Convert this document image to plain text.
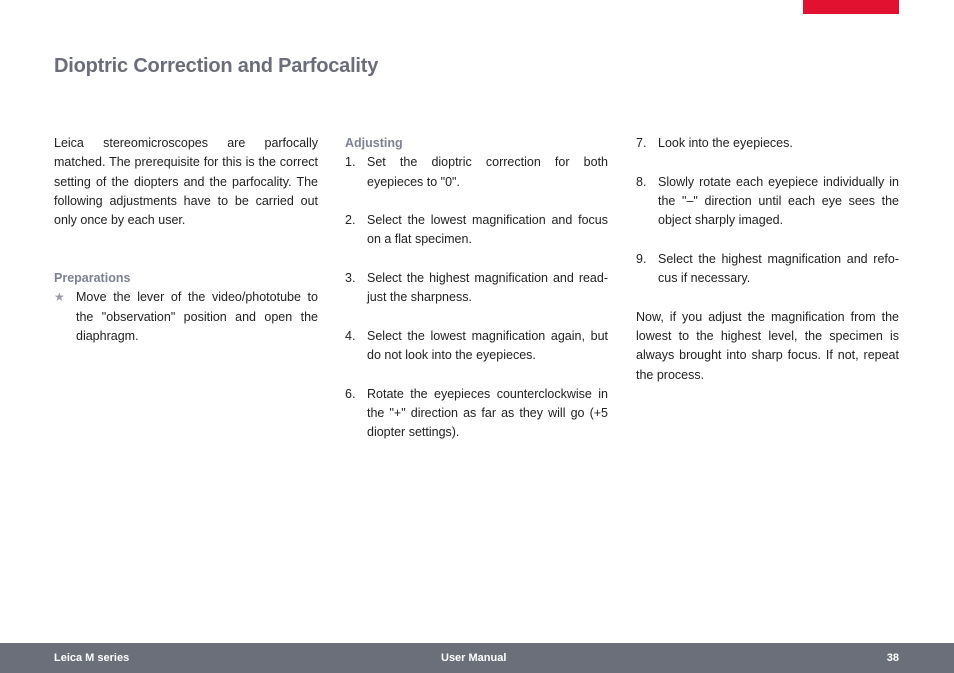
Dioptric Correction and Parfocality

Leica stereomicroscopes are parfocally matched. The prerequisite for this is the correct setting of the diopters and the parfocality. The following adjustments have to be carried out only once by each user.

Preparations
★ Move the lever of the video/phototube to the "observation" position and open the diaphragm.
Adjusting
1. Set the dioptric correction for both eyepieces to "0".
2. Select the lowest magnification and focus on a flat specimen.
3. Select the highest magnification and read-just the sharpness.
4. Select the lowest magnification again, but do not look into the eyepieces.
6. Rotate the eyepieces counterclockwise in the "+" direction as far as they will go (+5 diopter settings).
7. Look into the eyepieces.
8. Slowly rotate each eyepiece individually in the "–" direction until each eye sees the object sharply imaged.
9. Select the highest magnification and refo-cus if necessary.

Now, if you adjust the magnification from the lowest to the highest level, the specimen is always brought into sharp focus. If not, repeat the process.

Leica M series	User Manual	38
